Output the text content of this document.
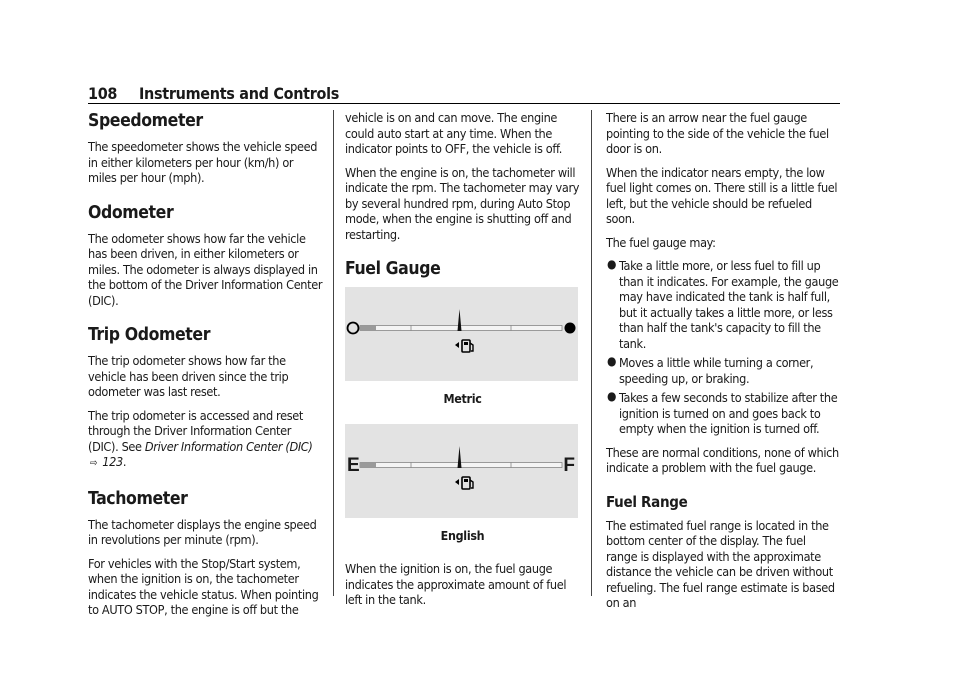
108 Instruments and Controls
Speedometer

The speedometer shows the vehicle speed in either kilometers per hour (km/h) or miles per hour (mph).

Odometer

The odometer shows how far the vehicle has been driven, in either kilometers or miles. The odometer is always displayed in the bottom of the Driver Information Center (DIC).

Trip Odometer

The trip odometer shows how far the vehicle has been driven since the trip odometer was last reset.

The trip odometer is accessed and reset through the Driver Information Center (DIC). See Driver Information Center (DIC) ⇨ 123.

Tachometer

The tachometer displays the engine speed in revolutions per minute (rpm).

For vehicles with the Stop/Start system, when the ignition is on, the tachometer indicates the vehicle status. When pointing to AUTO STOP, the engine is off but the

vehicle is on and can move. The engine could auto start at any time. When the indicator points to OFF, the vehicle is off.

When the engine is on, the tachometer will indicate the rpm. The tachometer may vary by several hundred rpm, during Auto Stop mode, when the engine is shutting off and restarting.

Fuel Gauge
Metric
E	F
English

When the ignition is on, the fuel gauge indicates the approximate amount of fuel left in the tank.

There is an arrow near the fuel gauge pointing to the side of the vehicle the fuel door is on.

When the indicator nears empty, the low fuel light comes on. There still is a little fuel left, but the vehicle should be refueled soon.

The fuel gauge may:

● Take a little more, or less fuel to fill up than it indicates. For example, the gauge may have indicated the tank is half full, but it actually takes a little more, or less than half the tank's capacity to fill the tank.
● Moves a little while turning a corner, speeding up, or braking.
● Takes a few seconds to stabilize after the ignition is turned on and goes back to empty when the ignition is turned off.

These are normal conditions, none of which indicate a problem with the fuel gauge.

Fuel Range

The estimated fuel range is located in the bottom center of the display. The fuel range is displayed with the approximate distance the vehicle can be driven without refueling. The fuel range estimate is based on an
